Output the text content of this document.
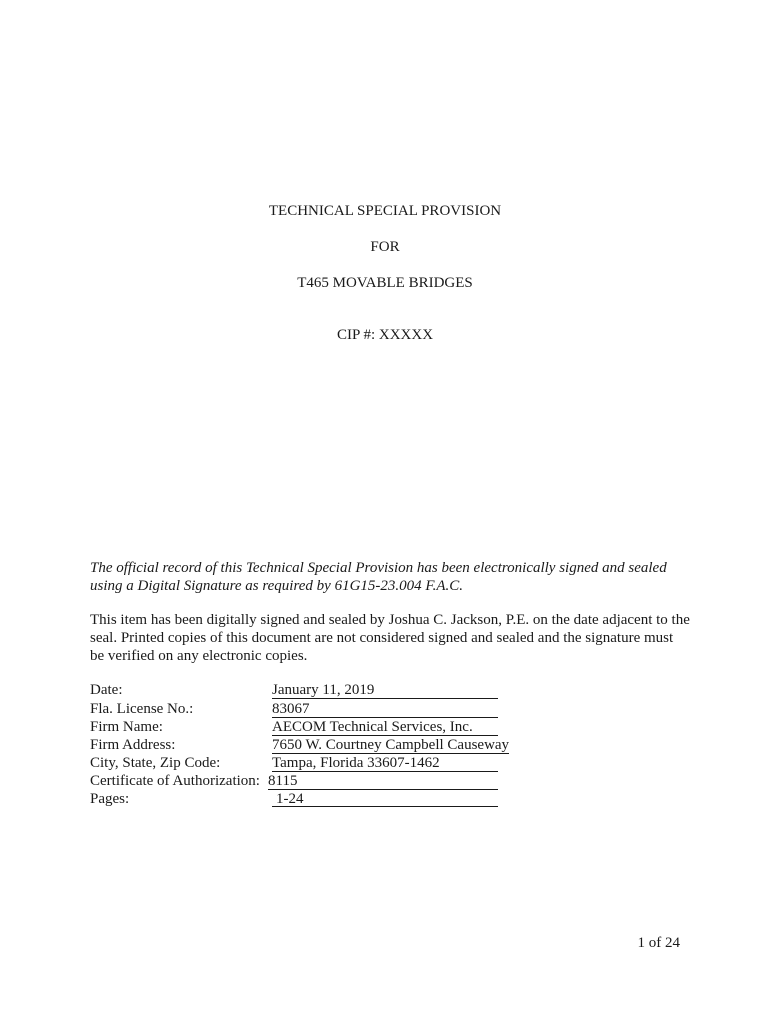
TECHNICAL SPECIAL PROVISION
FOR
T465 MOVABLE BRIDGES
CIP #: XXXXX
The official record of this Technical Special Provision has been electronically signed and sealed using a Digital Signature as required by 61G15-23.004 F.A.C.
This item has been digitally signed and sealed by Joshua C. Jackson, P.E. on the date adjacent to the seal. Printed copies of this document are not considered signed and sealed and the signature must be verified on any electronic copies.
Date:	January 11, 2019
Fla. License No.:	83067
Firm Name:	AECOM Technical Services, Inc.
Firm Address:	7650 W. Courtney Campbell Causeway
City, State, Zip Code:	Tampa, Florida 33607-1462
Certificate of Authorization: 8115
Pages:	1-24
1 of 24
